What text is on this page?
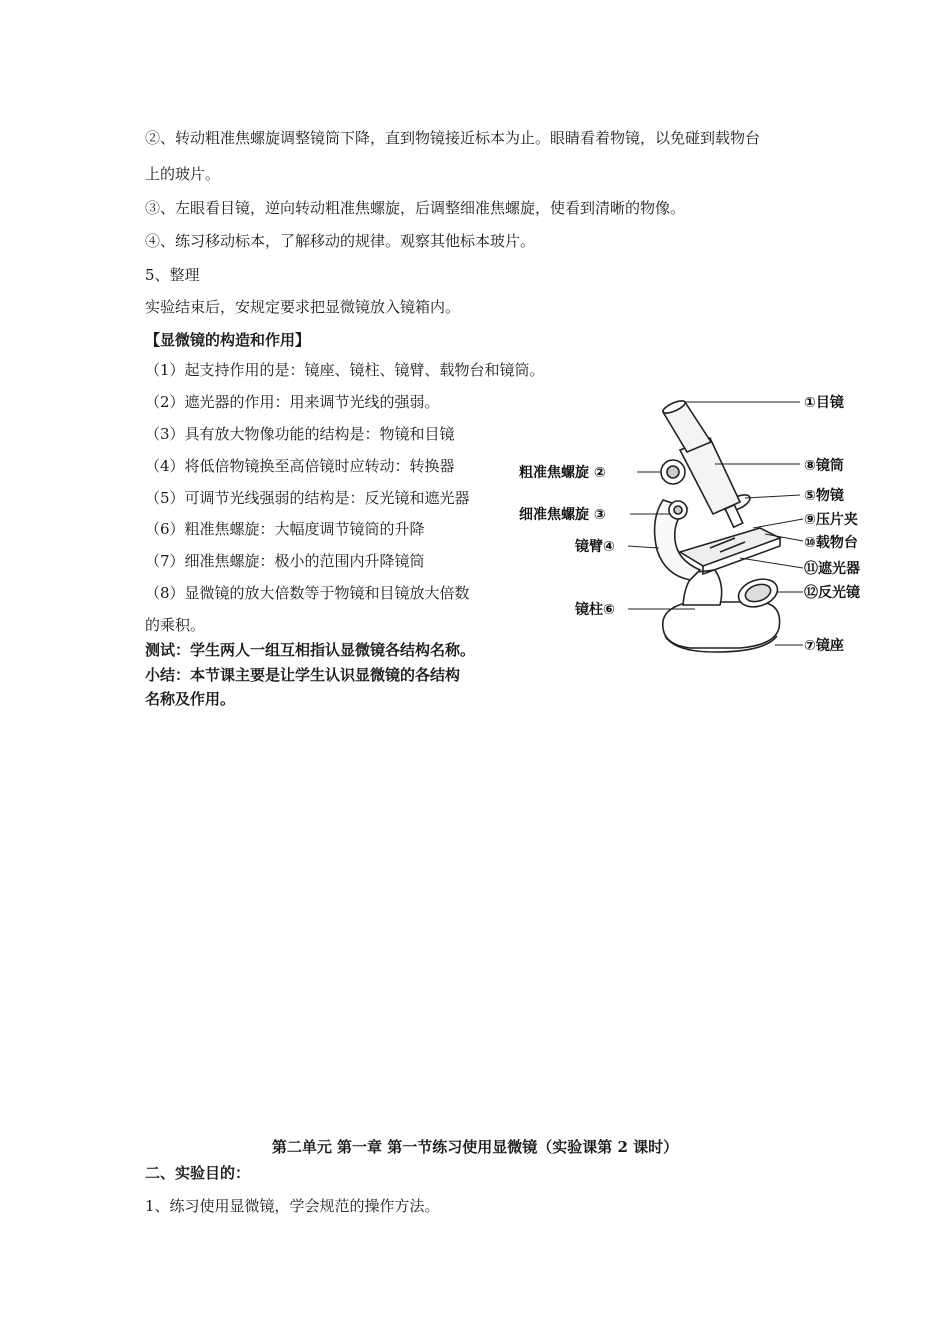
②、转动粗准焦螺旋调整镜筒下降，直到物镜接近标本为止。眼睛看着物镜，以免碰到载物台
上的玻片。
③、左眼看目镜，逆向转动粗准焦螺旋，后调整细准焦螺旋，使看到清晰的物像。
④、练习移动标本，了解移动的规律。观察其他标本玻片。
5、整理
实验结束后，安规定要求把显微镜放入镜箱内。
【显微镜的构造和作用】
（1）起支持作用的是：镜座、镜柱、镜臂、载物台和镜筒。
（2）遮光器的作用：用来调节光线的强弱。
（3）具有放大物像功能的结构是：物镜和目镜
（4）将低倍物镜换至高倍镜时应转动：转换器
（5）可调节光线强弱的结构是：反光镜和遮光器
（6）粗准焦螺旋：大幅度调节镜筒的升降
（7）细准焦螺旋：极小的范围内升降镜筒
（8）显微镜的放大倍数等于物镜和目镜放大倍数
的乘积。
测试：学生两人一组互相指认显微镜各结构名称。
小结：本节课主要是让学生认识显微镜的各结构
名称及作用。
①目镜
⑧镜筒
⑤物镜
⑨压片夹
⑩载物台
⑪遮光器
⑫反光镜
⑦镜座
粗准焦螺旋 ②
细准焦螺旋 ③
镜臂④
镜柱⑥
第二单元 第一章 第一节练习使用显微镜（实验课第 2 课时）
二、实验目的：
1、练习使用显微镜，学会规范的操作方法。
